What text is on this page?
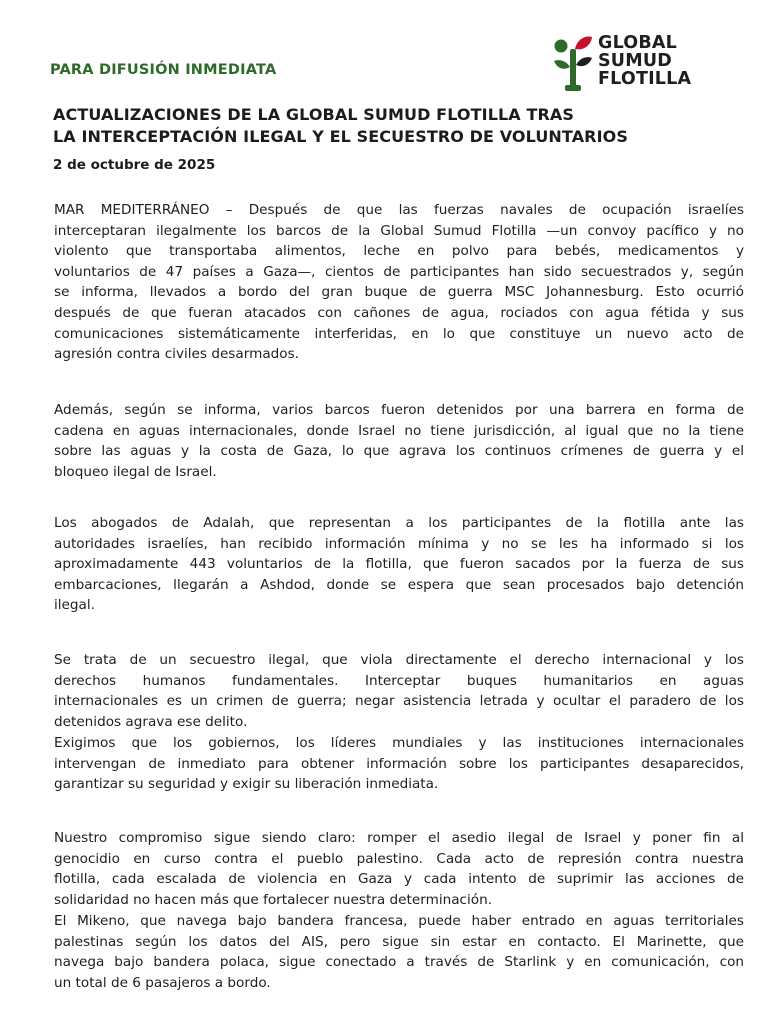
PARA DIFUSIÓN INMEDIATA
GLOBAL
SUMUD
FLOTILLA
ACTUALIZACIONES DE LA GLOBAL SUMUD FLOTILLA TRAS
LA INTERCEPTACIÓN ILEGAL Y EL SECUESTRO DE VOLUNTARIOS
2 de octubre de 2025
MAR MEDITERRÁNEO – Después de que las fuerzas navales de ocupación israelíes
interceptaran ilegalmente los barcos de la Global Sumud Flotilla —un convoy pacífico y no
violento que transportaba alimentos, leche en polvo para bebés, medicamentos y
voluntarios de 47 países a Gaza—, cientos de participantes han sido secuestrados y, según
se informa, llevados a bordo del gran buque de guerra MSC Johannesburg. Esto ocurrió
después de que fueran atacados con cañones de agua, rociados con agua fétida y sus
comunicaciones sistemáticamente interferidas, en lo que constituye un nuevo acto de
agresión contra civiles desarmados.
Además, según se informa, varios barcos fueron detenidos por una barrera en forma de
cadena en aguas internacionales, donde Israel no tiene jurisdicción, al igual que no la tiene
sobre las aguas y la costa de Gaza, lo que agrava los continuos crímenes de guerra y el
bloqueo ilegal de Israel.
Los abogados de Adalah, que representan a los participantes de la flotilla ante las
autoridades israelíes, han recibido información mínima y no se les ha informado si los
aproximadamente 443 voluntarios de la flotilla, que fueron sacados por la fuerza de sus
embarcaciones, llegarán a Ashdod, donde se espera que sean procesados bajo detención
ilegal.
Se trata de un secuestro ilegal, que viola directamente el derecho internacional y los
derechos humanos fundamentales. Interceptar buques humanitarios en aguas
internacionales es un crimen de guerra; negar asistencia letrada y ocultar el paradero de los
detenidos agrava ese delito.
Exigimos que los gobiernos, los líderes mundiales y las instituciones internacionales
intervengan de inmediato para obtener información sobre los participantes desaparecidos,
garantizar su seguridad y exigir su liberación inmediata.
Nuestro compromiso sigue siendo claro: romper el asedio ilegal de Israel y poner fin al
genocidio en curso contra el pueblo palestino. Cada acto de represión contra nuestra
flotilla, cada escalada de violencia en Gaza y cada intento de suprimir las acciones de
solidaridad no hacen más que fortalecer nuestra determinación.
El Mikeno, que navega bajo bandera francesa, puede haber entrado en aguas territoriales
palestinas según los datos del AIS, pero sigue sin estar en contacto. El Marinette, que
navega bajo bandera polaca, sigue conectado a través de Starlink y en comunicación, con
un total de 6 pasajeros a bordo.
